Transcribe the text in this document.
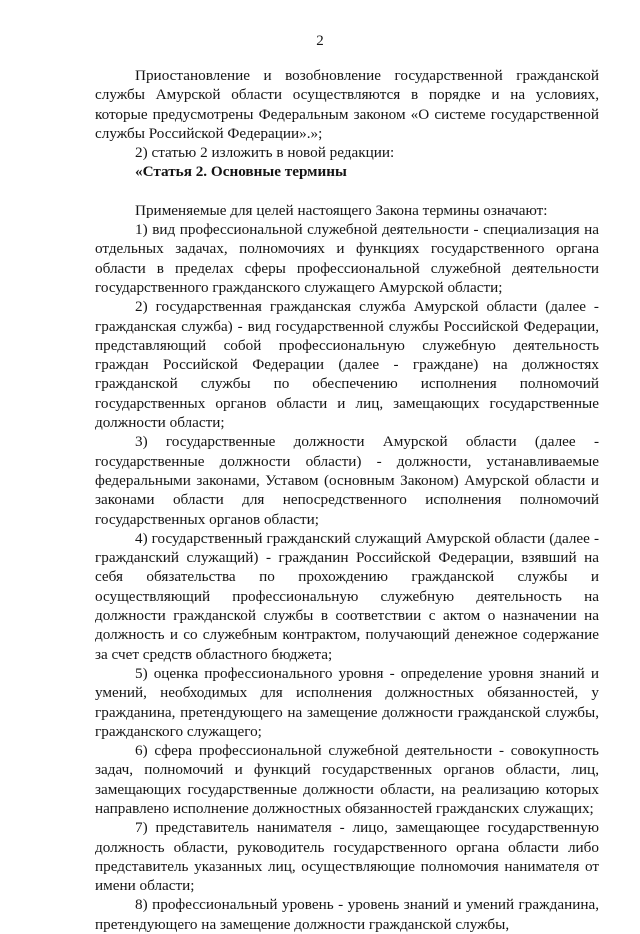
2

Приостановление и возобновление государственной гражданской службы Амурской области осуществляются в порядке и на условиях, которые предусмотрены Федеральным законом «О системе государственной службы Российской Федерации».»;

2) статью 2 изложить в новой редакции:

«Статья 2. Основные термины

Применяемые для целей настоящего Закона термины означают:

1) вид профессиональной служебной деятельности - специализация на отдельных задачах, полномочиях и функциях государственного органа области в пределах сферы профессиональной служебной деятельности государственного гражданского служащего Амурской области;

2) государственная гражданская служба Амурской области (далее - гражданская служба) - вид государственной службы Российской Федерации, представляющий собой профессиональную служебную деятельность граждан Российской Федерации (далее - граждане) на должностях гражданской службы по обеспечению исполнения полномочий государственных органов области и лиц, замещающих государственные должности области;

3) государственные должности Амурской области (далее - государственные должности области) - должности, устанавливаемые федеральными законами, Уставом (основным Законом) Амурской области и законами области для непосредственного исполнения полномочий государственных органов области;

4) государственный гражданский служащий Амурской области (далее - гражданский служащий) - гражданин Российской Федерации, взявший на себя обязательства по прохождению гражданской службы и осуществляющий профессиональную служебную деятельность на должности гражданской службы в соответствии с актом о назначении на должность и со служебным контрактом, получающий денежное содержание за счет средств областного бюджета;

5) оценка профессионального уровня - определение уровня знаний и умений, необходимых для исполнения должностных обязанностей, у гражданина, претендующего на замещение должности гражданской службы, гражданского служащего;

6) сфера профессиональной служебной деятельности - совокупность задач, полномочий и функций государственных органов области, лиц, замещающих государственные должности области, на реализацию которых направлено исполнение должностных обязанностей гражданских служащих;

7) представитель нанимателя - лицо, замещающее государственную должность области, руководитель государственного органа области либо представитель указанных лиц, осуществляющие полномочия нанимателя от имени области;

8) профессиональный уровень - уровень знаний и умений гражданина, претендующего на замещение должности гражданской службы,
